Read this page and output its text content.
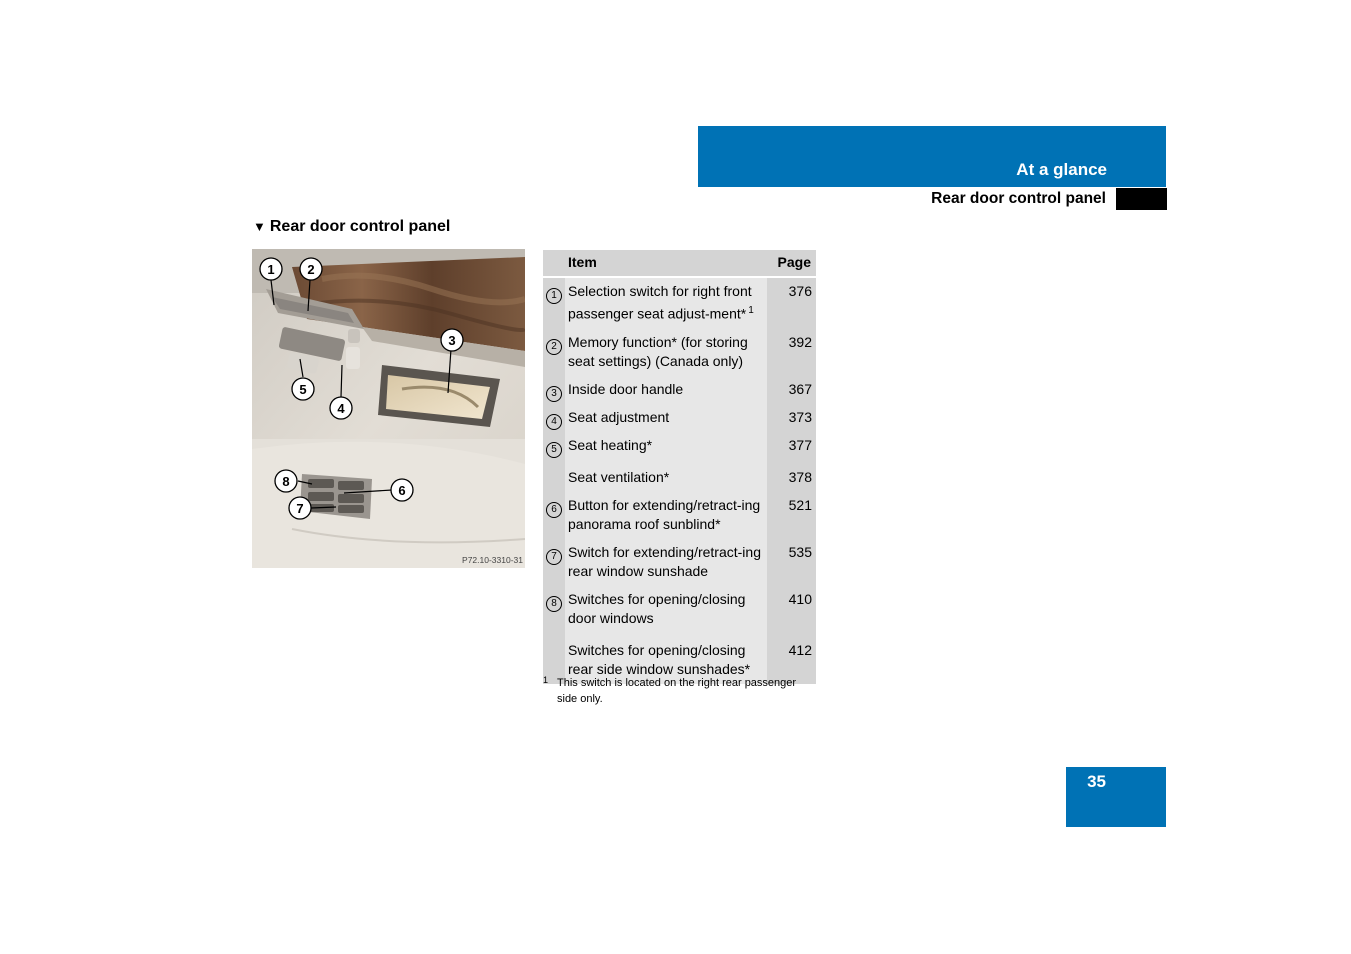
At a glance
Rear door control panel
▼ Rear door control panel
1	2
3
4
5
6
7
8
P72.10-3310-31
	Item	Page
1	Selection switch for right front passenger seat adjust-ment* $^1$	376
2	Memory function* (for storing seat settings) (Canada only)	392
3	Inside door handle	367
4	Seat adjustment	373
5	Seat heating*	377
	Seat ventilation*	378
6	Button for extending/retract-ing panorama roof sunblind*	521
7	Switch for extending/retract-ing rear window sunshade	535
8	Switches for opening/closing door windows	410
	Switches for opening/closing rear side window sunshades*	412
1 This switch is located on the right rear passenger side only.
35
